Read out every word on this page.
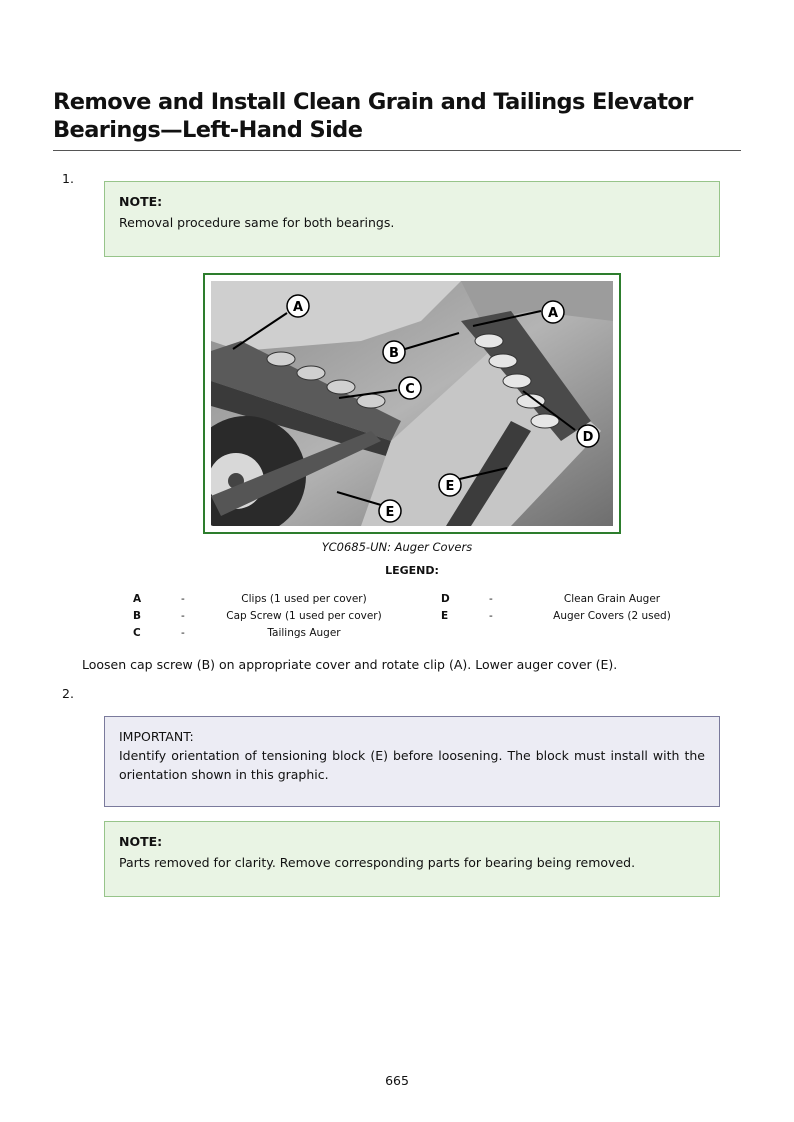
Remove and Install Clean Grain and Tailings Elevator Bearings—Left-Hand Side
1.
NOTE:
Removal procedure same for both bearings.
A	A
B
C
D
E
E
YC0685-UN: Auger Covers
LEGEND:
A	-	Clips (1 used per cover)
B	-	Cap Screw (1 used per cover)
C	-	Tailings Auger
D	-	Clean Grain Auger
E	-	Auger Covers (2 used)
Loosen cap screw (B) on appropriate cover and rotate clip (A). Lower auger cover (E).
2.
IMPORTANT:
Identify orientation of tensioning block (E) before loosening. The block must install with the orientation shown in this graphic.
NOTE:
Parts removed for clarity. Remove corresponding parts for bearing being removed.
665
